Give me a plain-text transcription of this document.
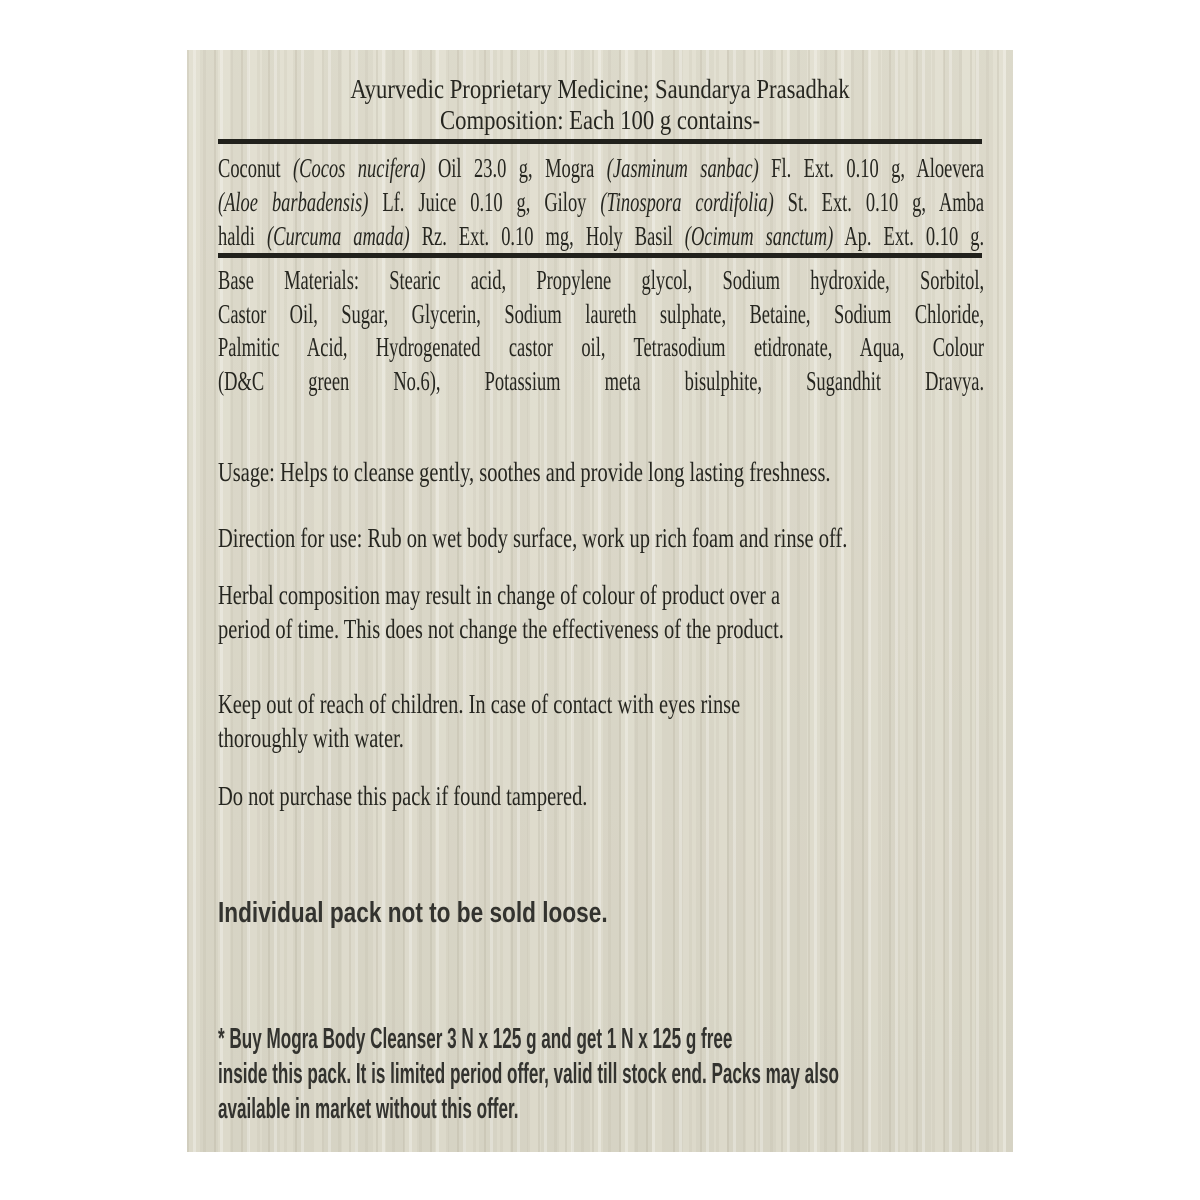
Ayurvedic Proprietary Medicine; Saundarya Prasadhak
Composition: Each 100 g contains-
Coconut (Cocos nucifera) Oil 23.0 g, Mogra (Jasminum sanbac) Fl. Ext. 0.10 g, Aloevera
(Aloe barbadensis) Lf. Juice 0.10 g, Giloy (Tinospora cordifolia) St. Ext. 0.10 g, Amba
haldi (Curcuma amada) Rz. Ext. 0.10 mg, Holy Basil (Ocimum sanctum) Ap. Ext. 0.10 g.
Base Materials: Stearic acid, Propylene glycol, Sodium hydroxide, Sorbitol,
Castor Oil, Sugar, Glycerin, Sodium laureth sulphate, Betaine, Sodium Chloride,
Palmitic Acid, Hydrogenated castor oil, Tetrasodium etidronate, Aqua, Colour
(D&C green No.6), Potassium meta bisulphite, Sugandhit Dravya.
Usage: Helps to cleanse gently, soothes and provide long lasting freshness.
Direction for use: Rub on wet body surface, work up rich foam and rinse off.
Herbal composition may result in change of colour of product over a
period of time. This does not change the effectiveness of the product.
Keep out of reach of children. In case of contact with eyes rinse
thoroughly with water.
Do not purchase this pack if found tampered.
Individual pack not to be sold loose.
* Buy Mogra Body Cleanser 3 N x 125 g and get 1 N x 125 g free
inside this pack. It is limited period offer, valid till stock end. Packs may also
available in market without this offer.
